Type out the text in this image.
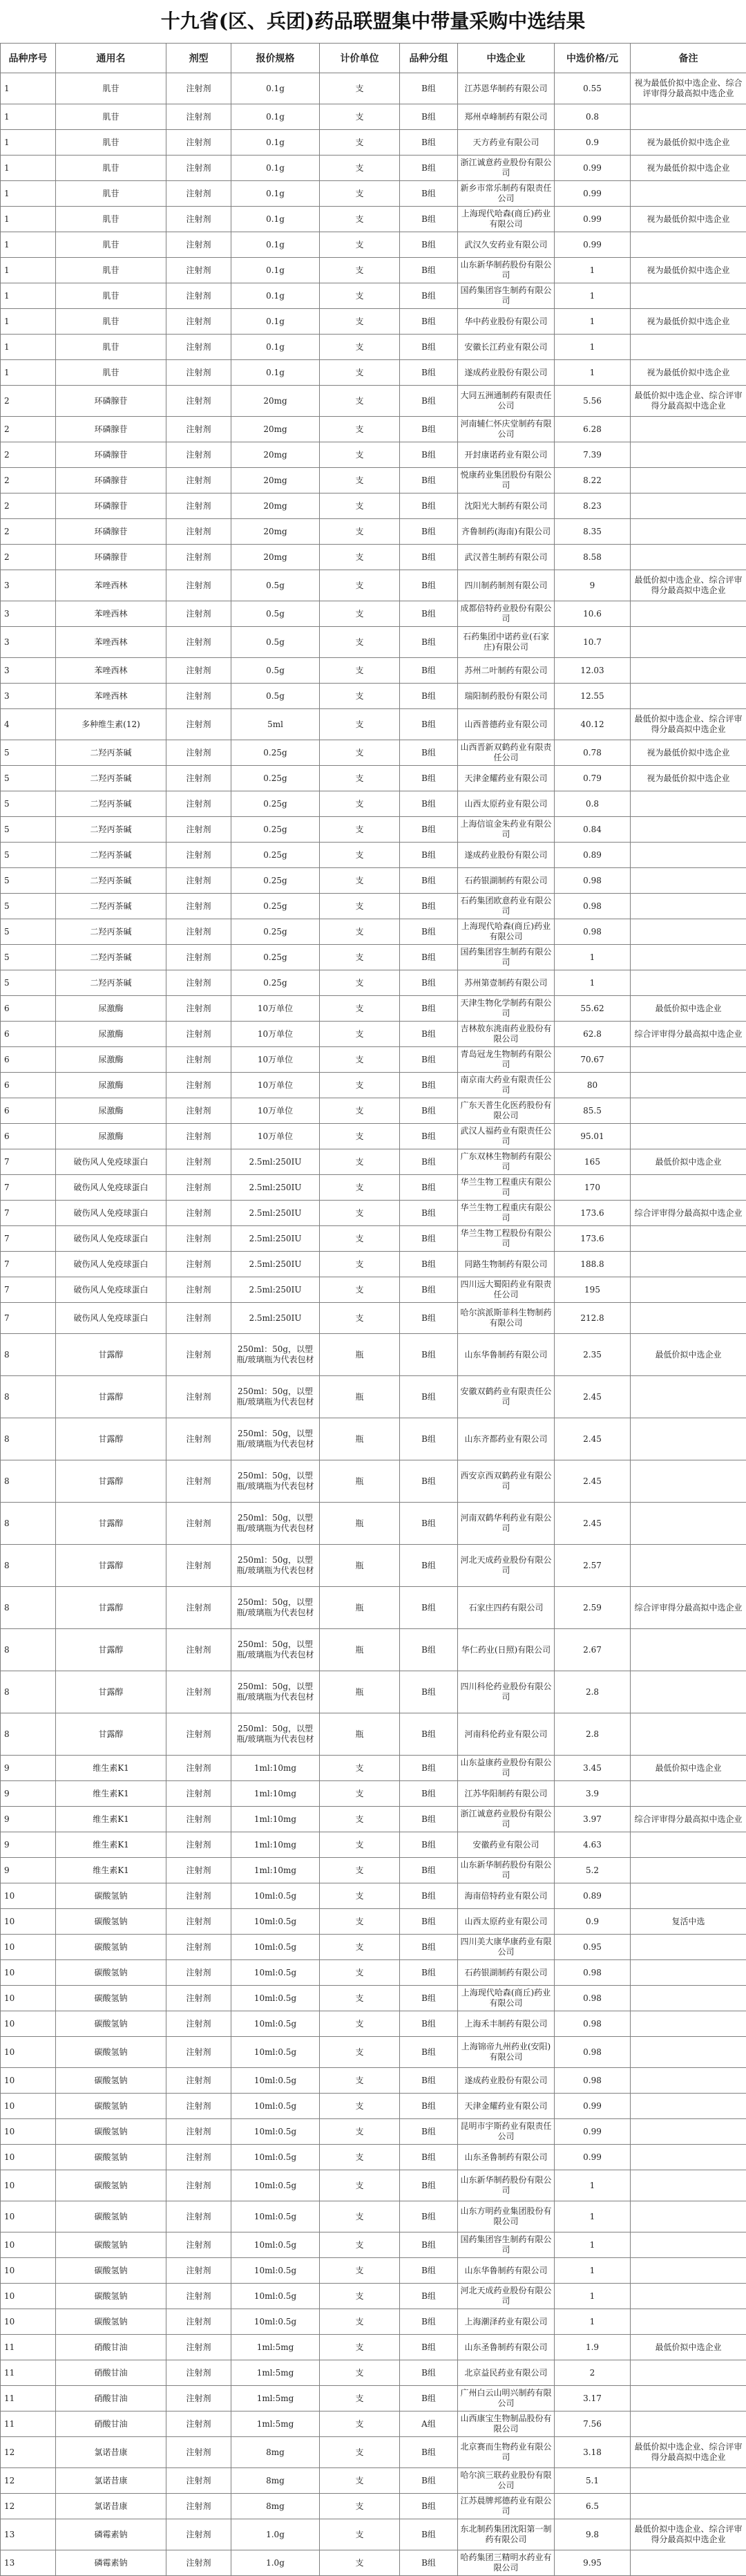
十九省(区、兵团)药品联盟集中带量采购中选结果
品种序号	通用名	剂型	报价规格	计价单位	品种分组	中选企业	中选价格/元	备注
1	肌苷	注射剂	0.1g	支	B组	江苏恩华制药有限公司	0.55	视为最低价拟中选企业、综合评审得分最高拟中选企业
1	肌苷	注射剂	0.1g	支	B组	郑州卓峰制药有限公司	0.8	
1	肌苷	注射剂	0.1g	支	B组	天方药业有限公司	0.9	视为最低价拟中选企业
1	肌苷	注射剂	0.1g	支	B组	浙江诚意药业股份有限公司	0.99	视为最低价拟中选企业
1	肌苷	注射剂	0.1g	支	B组	新乡市常乐制药有限责任公司	0.99	
1	肌苷	注射剂	0.1g	支	B组	上海现代哈森(商丘)药业有限公司	0.99	视为最低价拟中选企业
1	肌苷	注射剂	0.1g	支	B组	武汉久安药业有限公司	0.99	
1	肌苷	注射剂	0.1g	支	B组	山东新华制药股份有限公司	1	视为最低价拟中选企业
1	肌苷	注射剂	0.1g	支	B组	国药集团容生制药有限公司	1	
1	肌苷	注射剂	0.1g	支	B组	华中药业股份有限公司	1	视为最低价拟中选企业
1	肌苷	注射剂	0.1g	支	B组	安徽长江药业有限公司	1	
1	肌苷	注射剂	0.1g	支	B组	遂成药业股份有限公司	1	视为最低价拟中选企业
2	环磷腺苷	注射剂	20mg	支	B组	大同五洲通制药有限责任公司	5.56	最低价拟中选企业、综合评审得分最高拟中选企业
2	环磷腺苷	注射剂	20mg	支	B组	河南辅仁怀庆堂制药有限公司	6.28	
2	环磷腺苷	注射剂	20mg	支	B组	开封康诺药业有限公司	7.39	
2	环磷腺苷	注射剂	20mg	支	B组	悦康药业集团股份有限公司	8.22	
2	环磷腺苷	注射剂	20mg	支	B组	沈阳光大制药有限公司	8.23	
2	环磷腺苷	注射剂	20mg	支	B组	齐鲁制药(海南)有限公司	8.35	
2	环磷腺苷	注射剂	20mg	支	B组	武汉普生制药有限公司	8.58	
3	苯唑西林	注射剂	0.5g	支	B组	四川制药制剂有限公司	9	最低价拟中选企业、综合评审得分最高拟中选企业
3	苯唑西林	注射剂	0.5g	支	B组	成都倍特药业股份有限公司	10.6	
3	苯唑西林	注射剂	0.5g	支	B组	石药集团中诺药业(石家庄)有限公司	10.7	
3	苯唑西林	注射剂	0.5g	支	B组	苏州二叶制药有限公司	12.03	
3	苯唑西林	注射剂	0.5g	支	B组	瑞阳制药股份有限公司	12.55	
4	多种维生素(12)	注射剂	5ml	支	B组	山西普德药业有限公司	40.12	最低价拟中选企业、综合评审得分最高拟中选企业
5	二羟丙茶碱	注射剂	0.25g	支	B组	山西晋新双鹤药业有限责任公司	0.78	视为最低价拟中选企业
5	二羟丙茶碱	注射剂	0.25g	支	B组	天津金耀药业有限公司	0.79	视为最低价拟中选企业
5	二羟丙茶碱	注射剂	0.25g	支	B组	山西太原药业有限公司	0.8	
5	二羟丙茶碱	注射剂	0.25g	支	B组	上海信谊金朱药业有限公司	0.84	
5	二羟丙茶碱	注射剂	0.25g	支	B组	遂成药业股份有限公司	0.89	
5	二羟丙茶碱	注射剂	0.25g	支	B组	石药银湖制药有限公司	0.98	
5	二羟丙茶碱	注射剂	0.25g	支	B组	石药集团欧意药业有限公司	0.98	
5	二羟丙茶碱	注射剂	0.25g	支	B组	上海现代哈森(商丘)药业有限公司	0.98	
5	二羟丙茶碱	注射剂	0.25g	支	B组	国药集团容生制药有限公司	1	
5	二羟丙茶碱	注射剂	0.25g	支	B组	苏州第壹制药有限公司	1	
6	尿激酶	注射剂	10万单位	支	B组	天津生物化学制药有限公司	55.62	最低价拟中选企业
6	尿激酶	注射剂	10万单位	支	B组	吉林敖东洮南药业股份有限公司	62.8	综合评审得分最高拟中选企业
6	尿激酶	注射剂	10万单位	支	B组	青岛冠龙生物制药有限公司	70.67	
6	尿激酶	注射剂	10万单位	支	B组	南京南大药业有限责任公司	80	
6	尿激酶	注射剂	10万单位	支	B组	广东天普生化医药股份有限公司	85.5	
6	尿激酶	注射剂	10万单位	支	B组	武汉人福药业有限责任公司	95.01	
7	破伤风人免疫球蛋白	注射剂	2.5ml:250IU	支	B组	广东双林生物制药有限公司	165	最低价拟中选企业
7	破伤风人免疫球蛋白	注射剂	2.5ml:250IU	支	B组	华兰生物工程重庆有限公司	170	
7	破伤风人免疫球蛋白	注射剂	2.5ml:250IU	支	B组	华兰生物工程重庆有限公司	173.6	综合评审得分最高拟中选企业
7	破伤风人免疫球蛋白	注射剂	2.5ml:250IU	支	B组	华兰生物工程股份有限公司	173.6	
7	破伤风人免疫球蛋白	注射剂	2.5ml:250IU	支	B组	同路生物制药有限公司	188.8	
7	破伤风人免疫球蛋白	注射剂	2.5ml:250IU	支	B组	四川远大蜀阳药业有限责任公司	195	
7	破伤风人免疫球蛋白	注射剂	2.5ml:250IU	支	B组	哈尔滨派斯菲科生物制药有限公司	212.8	
8	甘露醇	注射剂	250ml：50g，以塑瓶/玻璃瓶为代表包材	瓶	B组	山东华鲁制药有限公司	2.35	最低价拟中选企业
8	甘露醇	注射剂	250ml：50g，以塑瓶/玻璃瓶为代表包材	瓶	B组	安徽双鹤药业有限责任公司	2.45	
8	甘露醇	注射剂	250ml：50g，以塑瓶/玻璃瓶为代表包材	瓶	B组	山东齐都药业有限公司	2.45	
8	甘露醇	注射剂	250ml：50g，以塑瓶/玻璃瓶为代表包材	瓶	B组	西安京西双鹤药业有限公司	2.45	
8	甘露醇	注射剂	250ml：50g，以塑瓶/玻璃瓶为代表包材	瓶	B组	河南双鹤华利药业有限公司	2.45	
8	甘露醇	注射剂	250ml：50g，以塑瓶/玻璃瓶为代表包材	瓶	B组	河北天成药业股份有限公司	2.57	
8	甘露醇	注射剂	250ml：50g，以塑瓶/玻璃瓶为代表包材	瓶	B组	石家庄四药有限公司	2.59	综合评审得分最高拟中选企业
8	甘露醇	注射剂	250ml：50g，以塑瓶/玻璃瓶为代表包材	瓶	B组	华仁药业(日照)有限公司	2.67	
8	甘露醇	注射剂	250ml：50g，以塑瓶/玻璃瓶为代表包材	瓶	B组	四川科伦药业股份有限公司	2.8	
8	甘露醇	注射剂	250ml：50g，以塑瓶/玻璃瓶为代表包材	瓶	B组	河南科伦药业有限公司	2.8	
9	维生素K1	注射剂	1ml:10mg	支	B组	山东益康药业股份有限公司	3.45	最低价拟中选企业
9	维生素K1	注射剂	1ml:10mg	支	B组	江苏华阳制药有限公司	3.9	
9	维生素K1	注射剂	1ml:10mg	支	B组	浙江诚意药业股份有限公司	3.97	综合评审得分最高拟中选企业
9	维生素K1	注射剂	1ml:10mg	支	B组	安徽药业有限公司	4.63	
9	维生素K1	注射剂	1ml:10mg	支	B组	山东新华制药股份有限公司	5.2	
10	碳酸氢钠	注射剂	10ml:0.5g	支	B组	海南倍特药业有限公司	0.89	
10	碳酸氢钠	注射剂	10ml:0.5g	支	B组	山西太原药业有限公司	0.9	复活中选
10	碳酸氢钠	注射剂	10ml:0.5g	支	B组	四川美大康华康药业有限公司	0.95	
10	碳酸氢钠	注射剂	10ml:0.5g	支	B组	石药银湖制药有限公司	0.98	
10	碳酸氢钠	注射剂	10ml:0.5g	支	B组	上海现代哈森(商丘)药业有限公司	0.98	
10	碳酸氢钠	注射剂	10ml:0.5g	支	B组	上海禾丰制药有限公司	0.98	
10	碳酸氢钠	注射剂	10ml:0.5g	支	B组	上海锦帝九州药业(安阳)有限公司	0.98	
10	碳酸氢钠	注射剂	10ml:0.5g	支	B组	遂成药业股份有限公司	0.98	
10	碳酸氢钠	注射剂	10ml:0.5g	支	B组	天津金耀药业有限公司	0.99	
10	碳酸氢钠	注射剂	10ml:0.5g	支	B组	昆明市宇斯药业有限责任公司	0.99	
10	碳酸氢钠	注射剂	10ml:0.5g	支	B组	山东圣鲁制药有限公司	0.99	
10	碳酸氢钠	注射剂	10ml:0.5g	支	B组	山东新华制药股份有限公司	1	
10	碳酸氢钠	注射剂	10ml:0.5g	支	B组	山东方明药业集团股份有限公司	1	
10	碳酸氢钠	注射剂	10ml:0.5g	支	B组	国药集团容生制药有限公司	1	
10	碳酸氢钠	注射剂	10ml:0.5g	支	B组	山东华鲁制药有限公司	1	
10	碳酸氢钠	注射剂	10ml:0.5g	支	B组	河北天成药业股份有限公司	1	
10	碳酸氢钠	注射剂	10ml:0.5g	支	B组	上海潮泽药业有限公司	1	
11	硝酸甘油	注射剂	1ml:5mg	支	B组	山东圣鲁制药有限公司	1.9	最低价拟中选企业
11	硝酸甘油	注射剂	1ml:5mg	支	B组	北京益民药业有限公司	2	
11	硝酸甘油	注射剂	1ml:5mg	支	B组	广州白云山明兴制药有限公司	3.17	
11	硝酸甘油	注射剂	1ml:5mg	支	A组	山西康宝生物制品股份有限公司	7.56	
12	氯诺昔康	注射剂	8mg	支	B组	北京赛而生物药业有限公司	3.18	最低价拟中选企业、综合评审得分最高拟中选企业
12	氯诺昔康	注射剂	8mg	支	B组	哈尔滨三联药业股份有限公司	5.1	
12	氯诺昔康	注射剂	8mg	支	B组	江苏晨牌邦德药业有限公司	6.5	
13	磷霉素钠	注射剂	1.0g	支	B组	东北制药集团沈阳第一制药有限公司	9.8	最低价拟中选企业、综合评审得分最高拟中选企业
13	磷霉素钠	注射剂	1.0g	支	B组	哈药集团三精明水药业有限公司	9.95	
